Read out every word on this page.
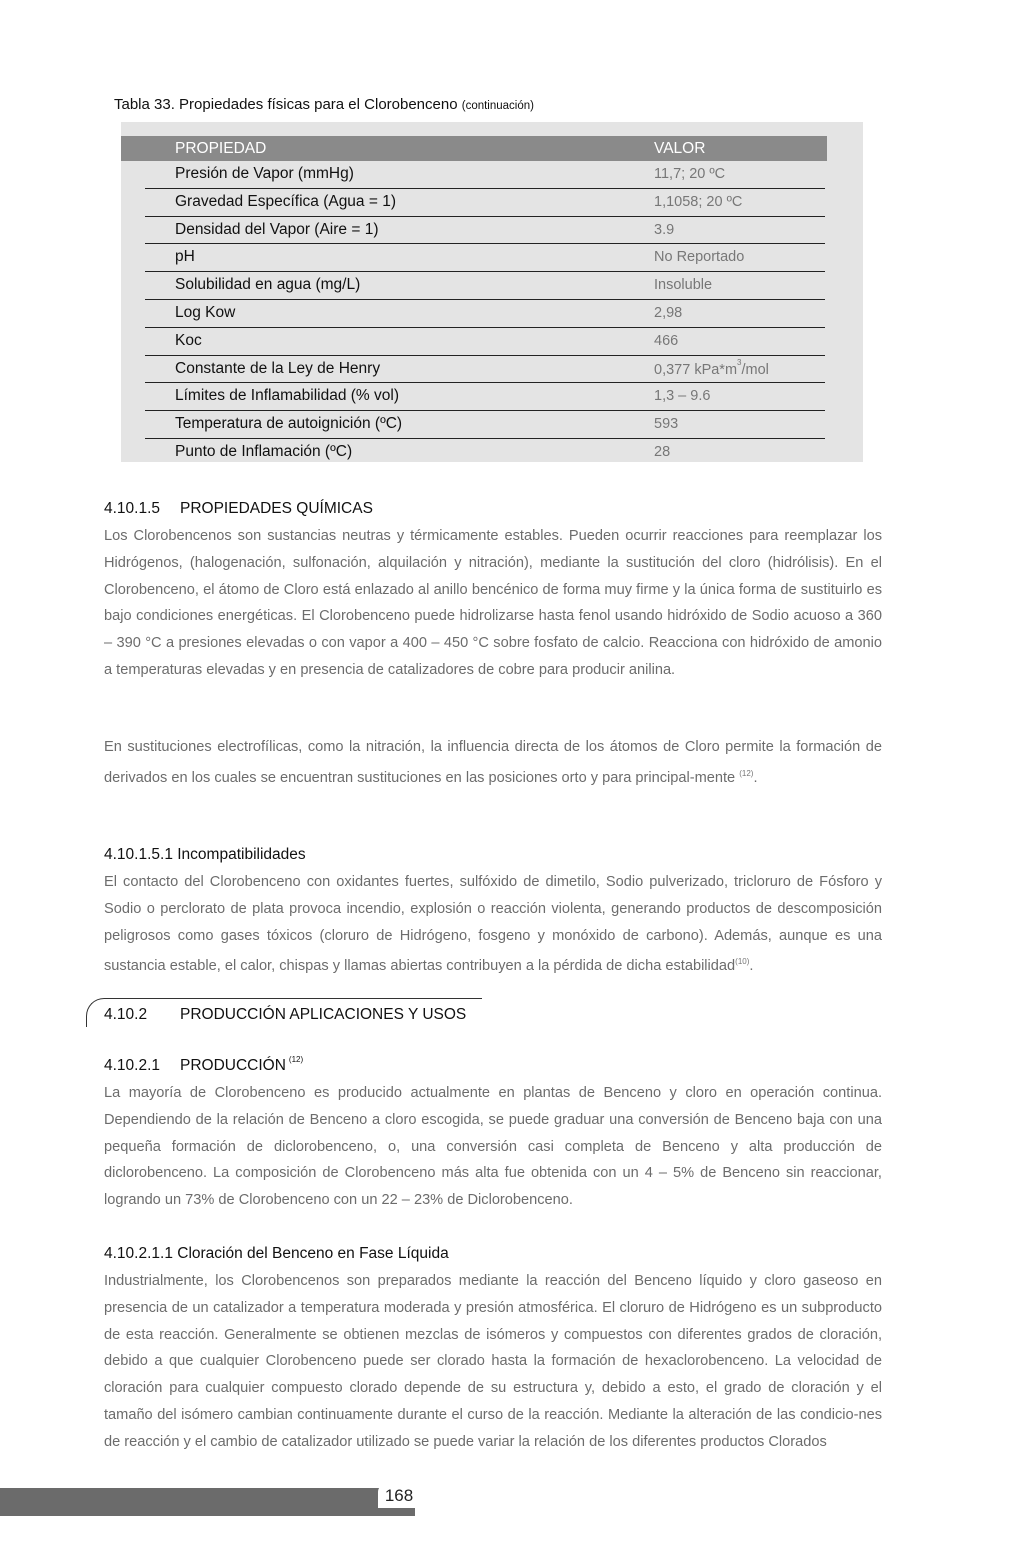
Tabla 33. Propiedades físicas para el Clorobenceno (continuación)
PROPIEDAD	VALOR
Presión de Vapor (mmHg)	11,7; 20 ºC
Gravedad Específica (Agua = 1)	1,1058; 20 ºC
Densidad del Vapor (Aire = 1)	3.9
pH	No Reportado
Solubilidad en agua (mg/L)	Insoluble
Log Kow	2,98
Koc	466
Constante de la Ley de Henry	0,377 $kPa*m^3$/mol
Límites de Inflamabilidad (% vol)	1,3 – 9.6
Temperatura de autoignición (ºC)	593
Punto de Inflamación (ºC)	28
4.10.1.5 PROPIEDADES QUÍMICAS

Los Clorobencenos son sustancias neutras y térmicamente estables. Pueden ocurrir reacciones para reemplazar los Hidrógenos, (halogenación, sulfonación, alquilación y nitración), mediante la sustitución del cloro (hidrólisis). En el Clorobenceno, el átomo de Cloro está enlazado al anillo bencénico de forma muy firme y la única forma de sustituirlo es bajo condiciones energéticas. El Clorobenceno puede hidrolizarse hasta fenol usando hidróxido de Sodio acuoso a 360 – 390 °C a presiones elevadas o con vapor a 400 – 450 °C sobre fosfato de calcio. Reacciona con hidróxido de amonio a temperaturas elevadas y en presencia de catalizadores de cobre para producir anilina.

En sustituciones electrofílicas, como la nitración, la influencia directa de los átomos de Cloro permite la formación de derivados en los cuales se encuentran sustituciones en las posiciones orto y para principal-mente $^{(12)}$.

4.10.1.5.1 Incompatibilidades

El contacto del Clorobenceno con oxidantes fuertes, sulfóxido de dimetilo, Sodio pulverizado, tricloruro de Fósforo y Sodio o perclorato de plata provoca incendio, explosión o reacción violenta, generando productos de descomposición peligrosos como gases tóxicos (cloruro de Hidrógeno, fosgeno y monóxido de carbono). Además, aunque es una sustancia estable, el calor, chispas y llamas abiertas contribuyen a la pérdida de dicha estabilidad$^{(10)}$.

4.10.2 PRODUCCIÓN APLICACIONES Y USOS
4.10.2.1 PRODUCCIÓN $^{(12)}$

La mayoría de Clorobenceno es producido actualmente en plantas de Benceno y cloro en operación continua. Dependiendo de la relación de Benceno a cloro escogida, se puede graduar una conversión de Benceno baja con una pequeña formación de diclorobenceno, o, una conversión casi completa de Benceno y alta producción de diclorobenceno. La composición de Clorobenceno más alta fue obtenida con un 4 – 5% de Benceno sin reaccionar, logrando un 73% de Clorobenceno con un 22 – 23% de Diclorobenceno.

4.10.2.1.1 Cloración del Benceno en Fase Líquida

Industrialmente, los Clorobencenos son preparados mediante la reacción del Benceno líquido y cloro gaseoso en presencia de un catalizador a temperatura moderada y presión atmosférica. El cloruro de Hidrógeno es un subproducto de esta reacción. Generalmente se obtienen mezclas de isómeros y compuestos con diferentes grados de cloración, debido a que cualquier Clorobenceno puede ser clorado hasta la formación de hexaclorobenceno. La velocidad de cloración para cualquier compuesto clorado depende de su estructura y, debido a esto, el grado de cloración y el tamaño del isómero cambian continuamente durante el curso de la reacción. Mediante la alteración de las condicio-nes de reacción y el cambio de catalizador utilizado se puede variar la relación de los diferentes productos Clorados

168
